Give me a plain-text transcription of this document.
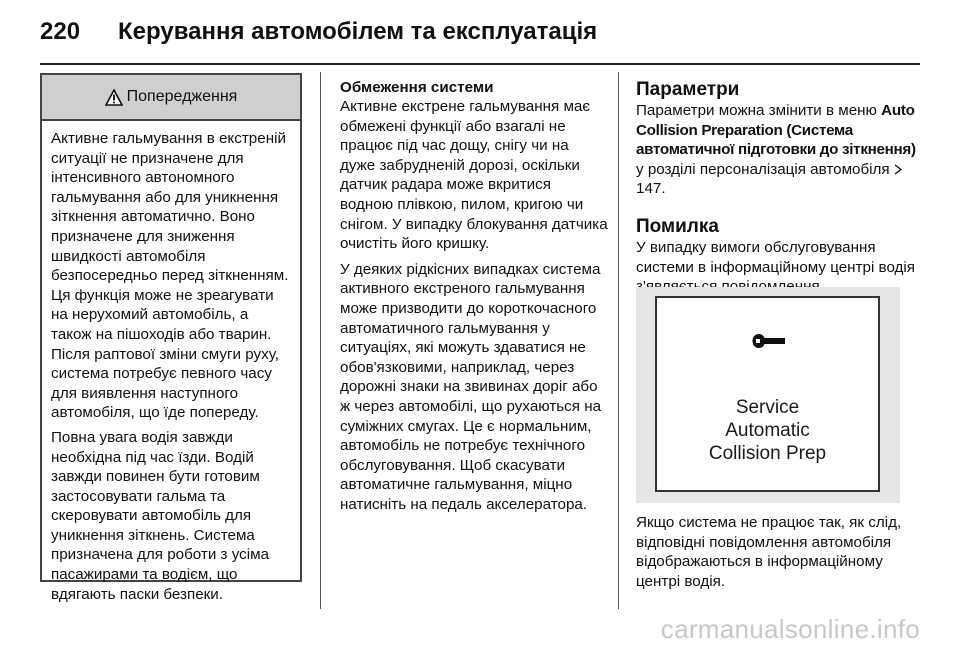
220 Керування автомобілем та експлуатація
Попередження

Активне гальмування в екстреній ситуації не призначене для інтенсивного автономного гальмування або для уникнення зіткнення автоматично. Воно призначене для зниження швидкості автомобіля безпосередньо перед зіткненням. Ця функція може не зреагувати на нерухомий автомобіль, а також на пішоходів або тварин. Після раптової зміни смуги руху, система потребує певного часу для виявлення наступного автомобіля, що їде попереду.

Повна увага водія завжди необхідна під час їзди. Водій завжди повинен бути готовим застосовувати гальма та скеровувати автомобіль для уникнення зіткнень. Система призначена для роботи з усіма пасажирами та водієм, що вдягають паски безпеки.

Обмеження системи

Активне екстрене гальмування має обмежені функції або взагалі не працює під час дощу, снігу чи на дуже забрудненій дорозі, оскільки датчик радара може вкритися водною плівкою, пилом, кригою чи снігом. У випадку блокування датчика очистіть його кришку.

У деяких рідкісних випадках система активного екстреного гальмування може призводити до короткочасного автоматичного гальмування у ситуаціях, які можуть здаватися не обов'язковими, наприклад, через дорожні знаки на звивинах доріг або ж через автомобілі, що рухаються на суміжних смугах. Це є нормальним, автомобіль не потребує технічного обслуговування. Щоб скасувати автоматичне гальмування, міцно натисніть на педаль акселератора.

Параметри

Параметри можна змінити в меню Auto Collision Preparation (Система автоматичної підготовки до зіткнення) у розділі персоналізація автомобіля  147.

Помилка

У випадку вимоги обслуговування системи в інформаційному центрі водія

Service
Automatic
Collision Prep

Якщо система не працює так, як слід, відповідні повідомлення автомобіля відображаються в інформаційному центрі водія.

carmanualsonline.info
